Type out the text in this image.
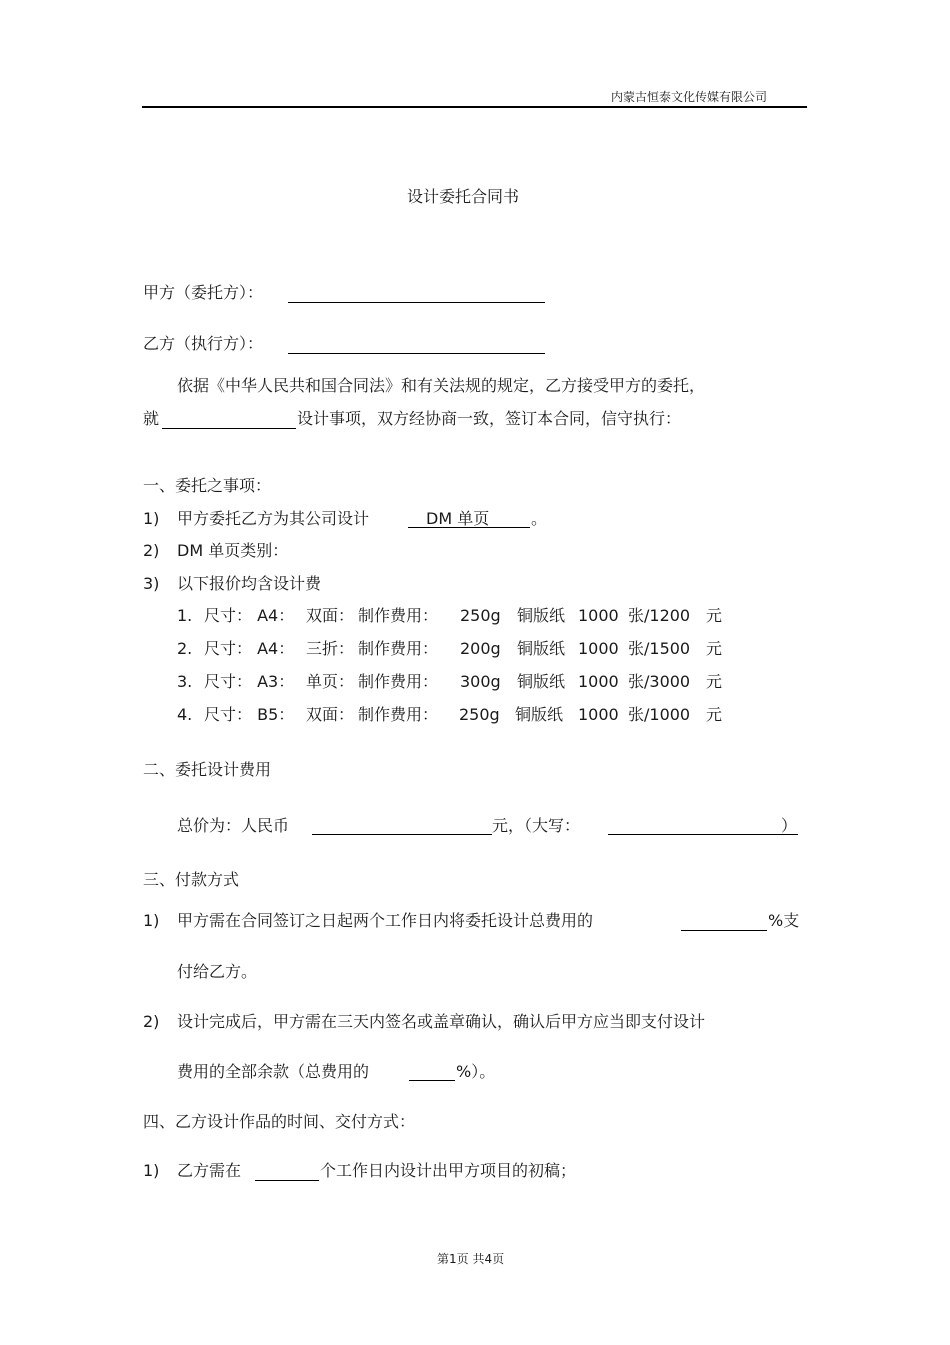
内蒙古恒泰文化传媒有限公司
设计委托合同书
甲方（委托方）：
乙方（执行方）：
依据《中华人民共和国合同法》和有关法规的规定，乙方接受甲方的委托，
就	设计事项，双方经协商一致，签订本合同，信守执行：
一、委托之事项：
1) 甲方委托乙方为其公司设计	DM 单页	。
2) DM 单页类别：
3) 以下报价均含设计费
1. 尺寸： A4： 双面： 制作费用： 250g 铜版纸 1000 张/1200 元
2. 尺寸： A4： 三折： 制作费用： 200g 铜版纸 1000 张/1500 元
3. 尺寸： A3： 单页： 制作费用： 300g 铜版纸 1000 张/3000 元
4. 尺寸： B5： 双面： 制作费用： 250g 铜版纸 1000 张/1000 元
二、委托设计费用
总价为：人民币	元，（大写：	）
三、付款方式
1) 甲方需在合同签订之日起两个工作日内将委托设计总费用的	%支
付给乙方。
2) 设计完成后，甲方需在三天内签名或盖章确认，确认后甲方应当即支付设计
费用的全部余款（总费用的	%）。
四、乙方设计作品的时间、交付方式：
1) 乙方需在	个工作日内设计出甲方项目的初稿；
第1页 共4页
